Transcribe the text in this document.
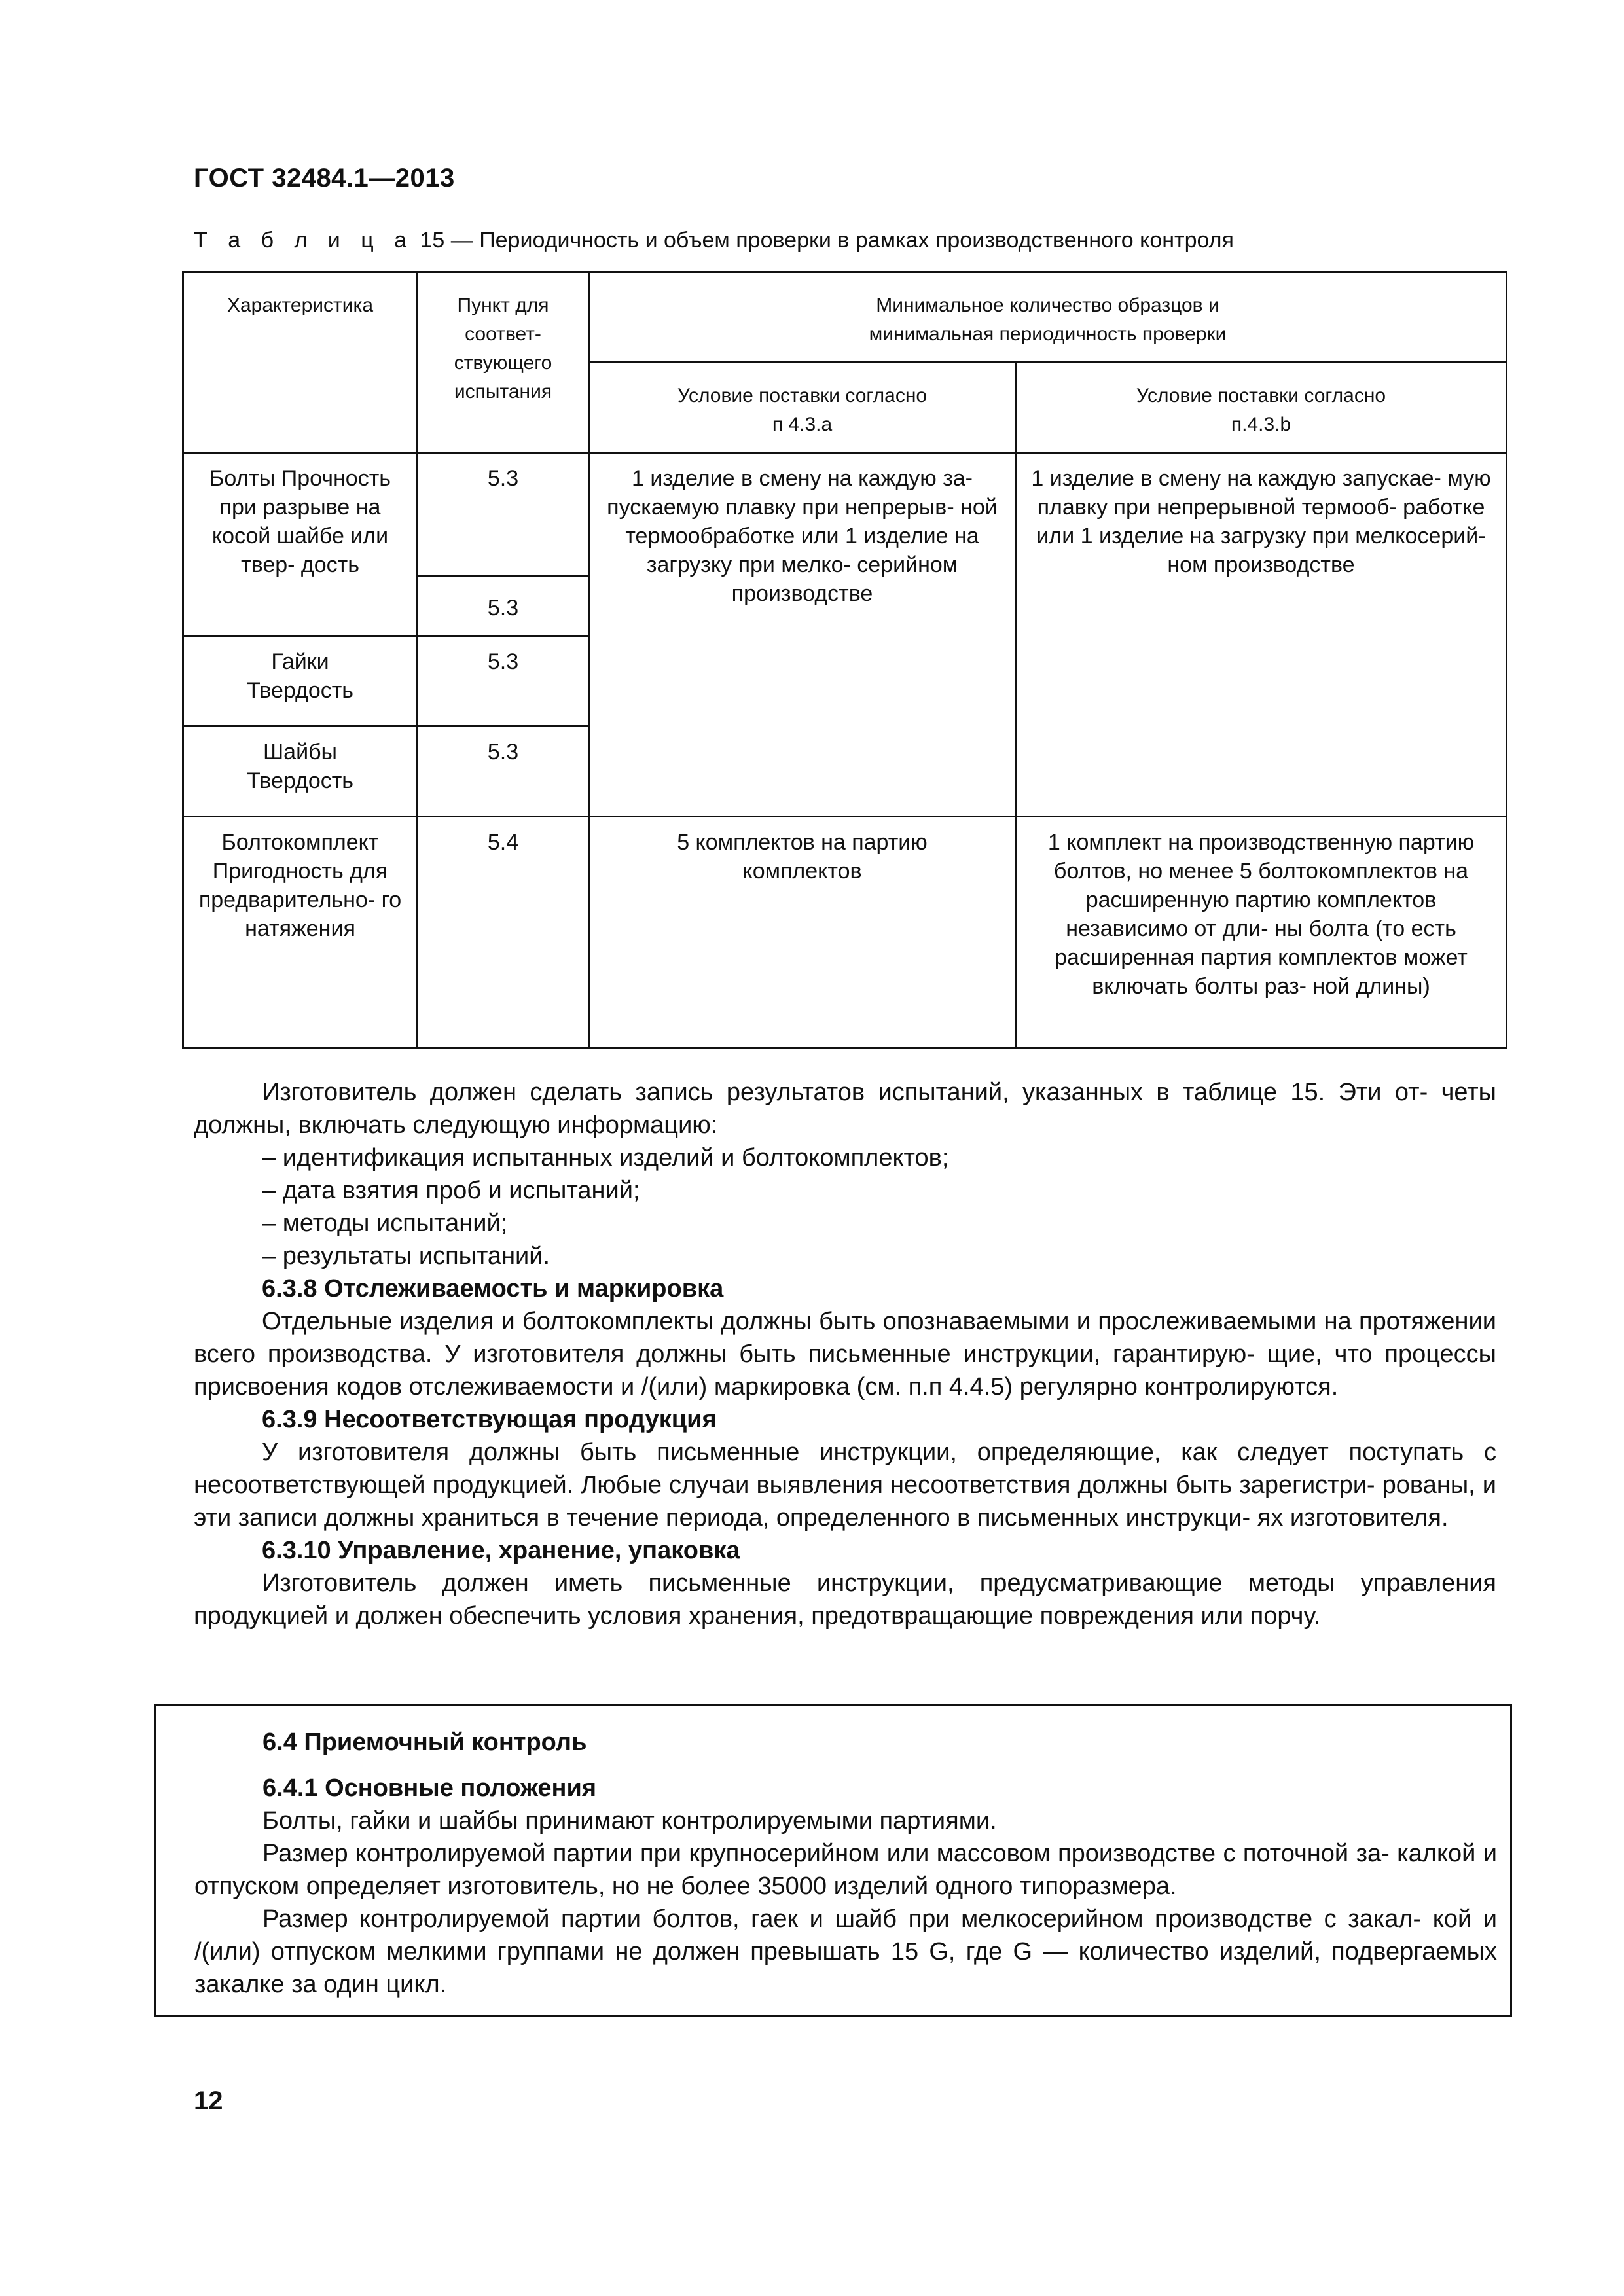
ГОСТ 32484.1—2013
Т а б л и ц а 15 — Периодичность и объем проверки в рамках производственного контроля
Характеристика	Пункт для соответ- ствующего испытания	Минимальное количество образцов и минимальная периодичность проверки	
		Условие поставки согласно п 4.3.a	Условие поставки согласно п.4.3.b
Болты Прочность при разрыве на косой шайбе или твер- дость	5.3	1 изделие в смену на каждую за- пускаемую плавку при непрерыв- ной термообработке или 1 изделие на загрузку при мелко- серийном производстве	1 изделие в смену на каждую запускае- мую плавку при непрерывной термооб- работке или 1 изделие на загрузку при мелкосерий- ном производстве
	5.3		
Гайки Твердость	5.3		
Шайбы Твердость	5.3		
Болтокомплект Пригодность для предварительно- го натяжения	5.4	5 комплектов на партию комплектов	1 комплект на производственную партию болтов, но менее 5 болтокомплектов на расширенную партию комплектов независимо от дли- ны болта (то есть расширенная партия комплектов может включать болты раз- ной длины)

Изготовитель должен сделать запись результатов испытаний, указанных в таблице 15. Эти от- четы должны, включать следующую информацию:

– идентификация испытанных изделий и болтокомплектов;

– дата взятия проб и испытаний;

– методы испытаний;

– результаты испытаний.

6.3.8 Отслеживаемость и маркировка

Отдельные изделия и болтокомплекты должны быть опознаваемыми и прослеживаемыми на протяжении всего производства. У изготовителя должны быть письменные инструкции, гарантирую- щие, что процессы присвоения кодов отслеживаемости и /(или) маркировка (см. п.п 4.4.5) регулярно контролируются.

6.3.9 Несоответствующая продукция

У изготовителя должны быть письменные инструкции, определяющие, как следует поступать с несоответствующей продукцией. Любые случаи выявления несоответствия должны быть зарегистри- рованы, и эти записи должны храниться в течение периода, определенного в письменных инструкци- ях изготовителя.

6.3.10 Управление, хранение, упаковка

Изготовитель должен иметь письменные инструкции, предусматривающие методы управления продукцией и должен обеспечить условия хранения, предотвращающие повреждения или порчу.

6.4 Приемочный контроль

6.4.1 Основные положения

Болты, гайки и шайбы принимают контролируемыми партиями.

Размер контролируемой партии при крупносерийном или массовом производстве с поточной за- калкой и отпуском определяет изготовитель, но не более 35000 изделий одного типоразмера.

Размер контролируемой партии болтов, гаек и шайб при мелкосерийном производстве с закал- кой и /(или) отпуском мелкими группами не должен превышать 15 G, где G — количество изделий, подвергаемых закалке за один цикл.

12
